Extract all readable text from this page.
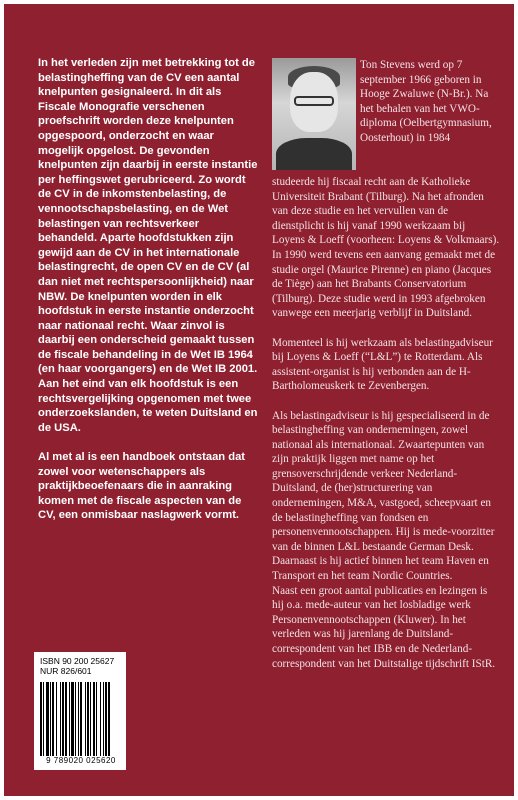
In het verleden zijn met betrekking tot de belastingheffing van de CV een aantal knelpunten gesignaleerd. In dit als Fiscale Monografie verschenen proefschrift worden deze knelpunten opgespoord, onderzocht en waar mogelijk opgelost. De gevonden knelpunten zijn daarbij in eerste instantie per heffingswet gerubriceerd. Zo wordt de CV in de inkomstenbelasting, de vennootschapsbelasting, en de Wet belastingen van rechtsverkeer behandeld. Aparte hoofdstukken zijn gewijd aan de CV in het internationale belastingrecht, de open CV en de CV (al dan niet met rechtspersoonlijkheid) naar NBW. De knelpunten worden in elk hoofdstuk in eerste instantie onderzocht naar nationaal recht. Waar zinvol is daarbij een onderscheid gemaakt tussen de fiscale behandeling in de Wet IB 1964 (en haar voorgangers) en de Wet IB 2001. Aan het eind van elk hoofdstuk is een rechtsvergelijking opgenomen met twee onderzoekslanden, te weten Duitsland en de USA.

Al met al is een handboek ontstaan dat zowel voor wetenschappers als praktijkbeoefenaars die in aanraking komen met de fiscale aspecten van de CV, een onmisbaar naslagwerk vormt.

Ton Stevens werd op 7 september 1966 geboren in Hooge Zwaluwe (N-Br.). Na het behalen van het VWO-diploma (Oelbertgymnasium, Oosterhout) in 1984

studeerde hij fiscaal recht aan de Katholieke Universiteit Brabant (Tilburg). Na het afronden van deze studie en het vervullen van de dienstplicht is hij vanaf 1990 werkzaam bij Loyens & Loeff (voorheen: Loyens & Volkmaars). In 1990 werd tevens een aanvang gemaakt met de studie orgel (Maurice Pirenne) en piano (Jacques de Tiège) aan het Brabants Conservatorium (Tilburg). Deze studie werd in 1993 afgebroken vanwege een meerjarig verblijf in Duitsland.

Momenteel is hij werkzaam als belastingadviseur bij Loyens & Loeff (“L&L”) te Rotterdam. Als assistent-organist is hij verbonden aan de H- Bartholomeuskerk te Zevenbergen.

Als belastingadviseur is hij gespecialiseerd in de belastingheffing van ondernemingen, zowel nationaal als internationaal. Zwaartepunten van zijn praktijk liggen met name op het grensoverschrijdende verkeer Nederland-Duitsland, de (her)structurering van ondernemingen, M&A, vastgoed, scheepvaart en de belastingheffing van fondsen en personenvennootschappen. Hij is mede-voorzitter van de binnen L&L bestaande German Desk. Daarnaast is hij actief binnen het team Haven en Transport en het team Nordic Countries.

Naast een groot aantal publicaties en lezingen is hij o.a. mede-auteur van het losbladige werk Personenvennootschappen (Kluwer). In het verleden was hij jarenlang de Duitsland-correspondent van het IBB en de Nederland-correspondent van het Duitstalige tijdschrift IStR.

ISBN 90 200 25627
NUR 826/601
9 789020 025620
